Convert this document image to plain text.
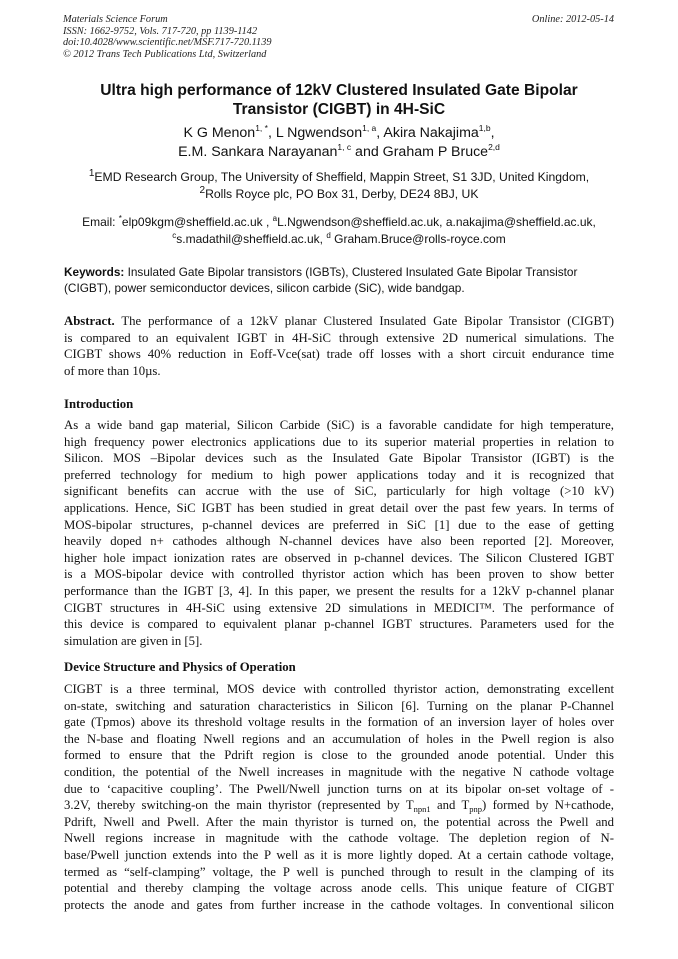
Materials Science Forum
ISSN: 1662-9752, Vols. 717-720, pp 1139-1142
doi:10.4028/www.scientific.net/MSF.717-720.1139
© 2012 Trans Tech Publications Ltd, Switzerland
Online: 2012-05-14
Ultra high performance of 12kV Clustered Insulated Gate Bipolar
Transistor (CIGBT) in 4H-SiC
K G Menon$^{1, *}$, L Ngwendson$^{1, a}$, Akira Nakajima$^{1,b}$,
E.M. Sankara Narayanan$^{1, c}$ and Graham P Bruce$^{2,d}$
$^1$EMD Research Group, The University of Sheffield, Mappin Street, S1 3JD, United Kingdom,
$^2$Rolls Royce plc, PO Box 31, Derby, DE24 8BJ, UK
Email: *elp09kgm@sheffield.ac.uk , $^a$L.Ngwendson@sheffield.ac.uk, a.nakajima@sheffield.ac.uk,
$^c$s.madathil@sheffield.ac.uk, $^d$ Graham.Bruce@rolls-royce.com
Keywords: Insulated Gate Bipolar transistors (IGBTs), Clustered Insulated Gate Bipolar Transistor
(CIGBT), power semiconductor devices, silicon carbide (SiC), wide bandgap.
Abstract. The performance of a 12kV planar Clustered Insulated Gate Bipolar Transistor (CIGBT)
is compared to an equivalent IGBT in 4H-SiC through extensive 2D numerical simulations. The
CIGBT shows 40% reduction in Eoff-Vce(sat) trade off losses with a short circuit endurance time
of more than 10µs.
Introduction
As a wide band gap material, Silicon Carbide (SiC) is a favorable candidate for high temperature,
high frequency power electronics applications due to its superior material properties in relation to
Silicon. MOS –Bipolar devices such as the Insulated Gate Bipolar Transistor (IGBT) is the
preferred technology for medium to high power applications today and it is recognized that
significant benefits can accrue with the use of SiC, particularly for high voltage (>10 kV)
applications. Hence, SiC IGBT has been studied in great detail over the past few years. In terms of
MOS-bipolar structures, p-channel devices are preferred in SiC [1] due to the ease of getting
heavily doped n+ cathodes although N-channel devices have also been reported [2]. Moreover,
higher hole impact ionization rates are observed in p-channel devices. The Silicon Clustered IGBT
is a MOS-bipolar device with controlled thyristor action which has been proven to show better
performance than the IGBT [3, 4]. In this paper, we present the results for a 12kV p-channel planar
CIGBT structures in 4H-SiC using extensive 2D simulations in MEDICI™. The performance of
this device is compared to equivalent planar p-channel IGBT structures. Parameters used for the
simulation are given in [5].
Device Structure and Physics of Operation
CIGBT is a three terminal, MOS device with controlled thyristor action, demonstrating excellent
on-state, switching and saturation characteristics in Silicon [6]. Turning on the planar P-Channel
gate (Tpmos) above its threshold voltage results in the formation of an inversion layer of holes over
the N-base and floating Nwell regions and an accumulation of holes in the Pwell region is also
formed to ensure that the Pdrift region is close to the grounded anode potential. Under this
condition, the potential of the Nwell increases in magnitude with the negative N cathode voltage
due to ‘capacitive coupling’. The Pwell/Nwell junction turns on at its bipolar on-set voltage of -
3.2V, thereby switching-on the main thyristor (represented by $T_{npn1}$ and $T_{pnp}$) formed by N+cathode,
Pdrift, Nwell and Pwell. After the main thyristor is turned on, the potential across the Pwell and
Nwell regions increase in magnitude with the cathode voltage. The depletion region of N-
base/Pwell junction extends into the P well as it is more lightly doped. At a certain cathode voltage,
termed as “self-clamping” voltage, the P well is punched through to result in the clamping of its
potential and thereby clamping the voltage across anode cells. This unique feature of CIGBT
protects the anode and gates from further increase in the cathode voltages. In conventional silicon
